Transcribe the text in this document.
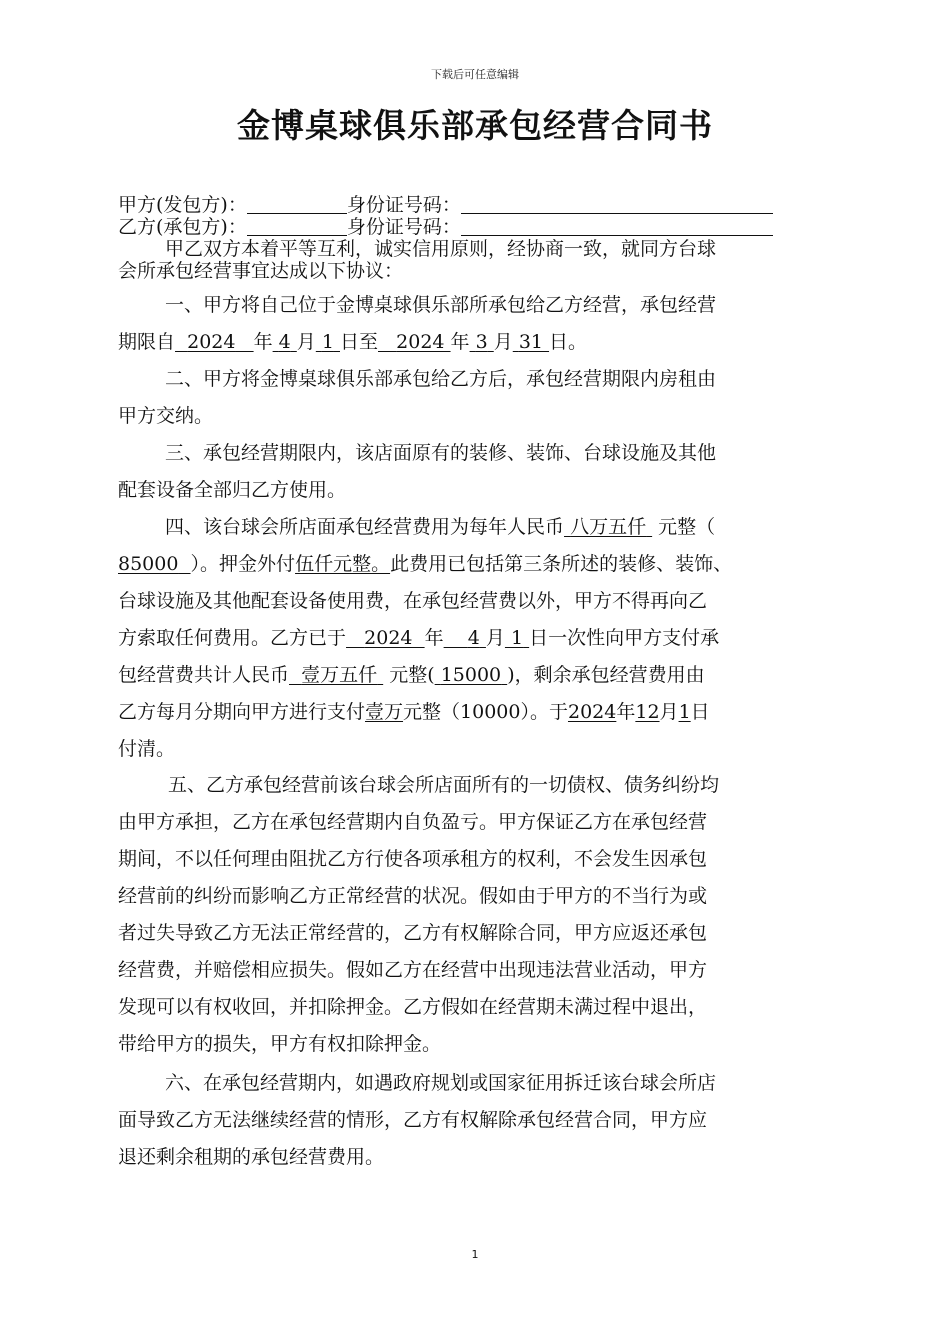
下载后可任意编辑
金博桌球俱乐部承包经营合同书
甲方(发包方)：	身份证号码：
乙方(承包方)：	身份证号码：
甲乙双方本着平等互利，诚实信用原则，经协商一致，就同方台球
会所承包经营事宜达成以下协议：
一、甲方将自己位于金博桌球俱乐部所承包给乙方经营，承包经营
期限自 2024 年 4 月 1 日至 2024 年 3 月 31 日。
二、甲方将金博桌球俱乐部承包给乙方后，承包经营期限内房租由
甲方交纳。
三、承包经营期限内，该店面原有的装修、装饰、台球设施及其他
配套设备全部归乙方使用。
四、该台球会所店面承包经营费用为每年人民币 八万五仟 元整（
85000 ）。押金外付伍仟元整。此费用已包括第三条所述的装修、装饰、
台球设施及其他配套设备使用费，在承包经营费以外，甲方不得再向乙
方索取任何费用。乙方已于 2024 年 4 月 1 日一次性向甲方支付承
包经营费共计人民币 壹万五仟 元整( 15000 )，剩余承包经营费用由
乙方每月分期向甲方进行支付壹万元整（10000）。于2024年12月1日
付清。
五、乙方承包经营前该台球会所店面所有的一切债权、债务纠纷均
由甲方承担，乙方在承包经营期内自负盈亏。甲方保证乙方在承包经营
期间，不以任何理由阻扰乙方行使各项承租方的权利，不会发生因承包
经营前的纠纷而影响乙方正常经营的状况。假如由于甲方的不当行为或
者过失导致乙方无法正常经营的，乙方有权解除合同，甲方应返还承包
经营费，并赔偿相应损失。假如乙方在经营中出现违法营业活动，甲方
发现可以有权收回，并扣除押金。乙方假如在经营期未满过程中退出，
带给甲方的损失，甲方有权扣除押金。
六、在承包经营期内，如遇政府规划或国家征用拆迁该台球会所店
面导致乙方无法继续经营的情形，乙方有权解除承包经营合同，甲方应
退还剩余租期的承包经营费用。
1
